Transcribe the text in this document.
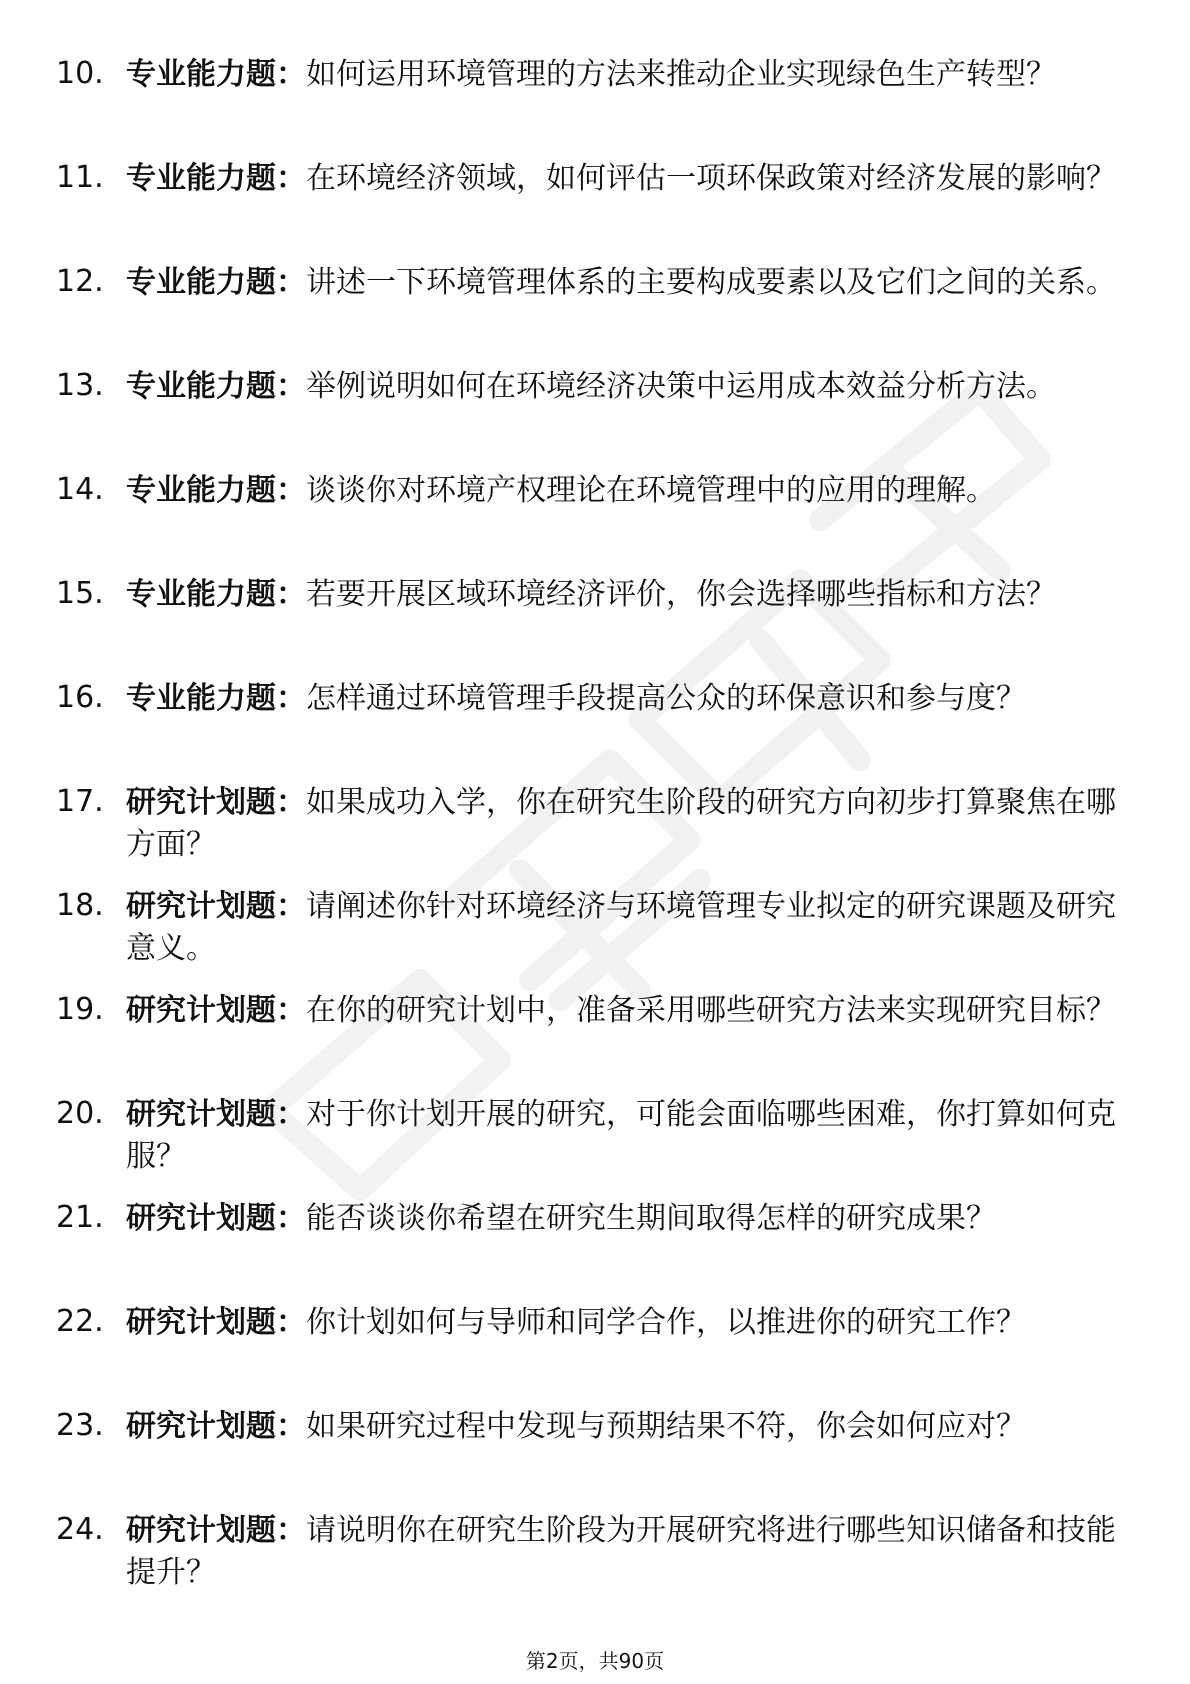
10. 专业能力题：如何运用环境管理的方法来推动企业实现绿色生产转型？
11. 专业能力题：在环境经济领域，如何评估一项环保政策对经济发展的影响？
12. 专业能力题：讲述一下环境管理体系的主要构成要素以及它们之间的关系。
13. 专业能力题：举例说明如何在环境经济决策中运用成本效益分析方法。
14. 专业能力题：谈谈你对环境产权理论在环境管理中的应用的理解。
15. 专业能力题：若要开展区域环境经济评价，你会选择哪些指标和方法？
16. 专业能力题：怎样通过环境管理手段提高公众的环保意识和参与度？
17. 研究计划题：如果成功入学，你在研究生阶段的研究方向初步打算聚焦在哪方面？
18. 研究计划题：请阐述你针对环境经济与环境管理专业拟定的研究课题及研究意义。
19. 研究计划题：在你的研究计划中，准备采用哪些研究方法来实现研究目标？
20. 研究计划题：对于你计划开展的研究，可能会面临哪些困难，你打算如何克服？
21. 研究计划题：能否谈谈你希望在研究生期间取得怎样的研究成果？
22. 研究计划题：你计划如何与导师和同学合作，以推进你的研究工作？
23. 研究计划题：如果研究过程中发现与预期结果不符，你会如何应对？
24. 研究计划题：请说明你在研究生阶段为开展研究将进行哪些知识储备和技能提升？
第2页，共90页
